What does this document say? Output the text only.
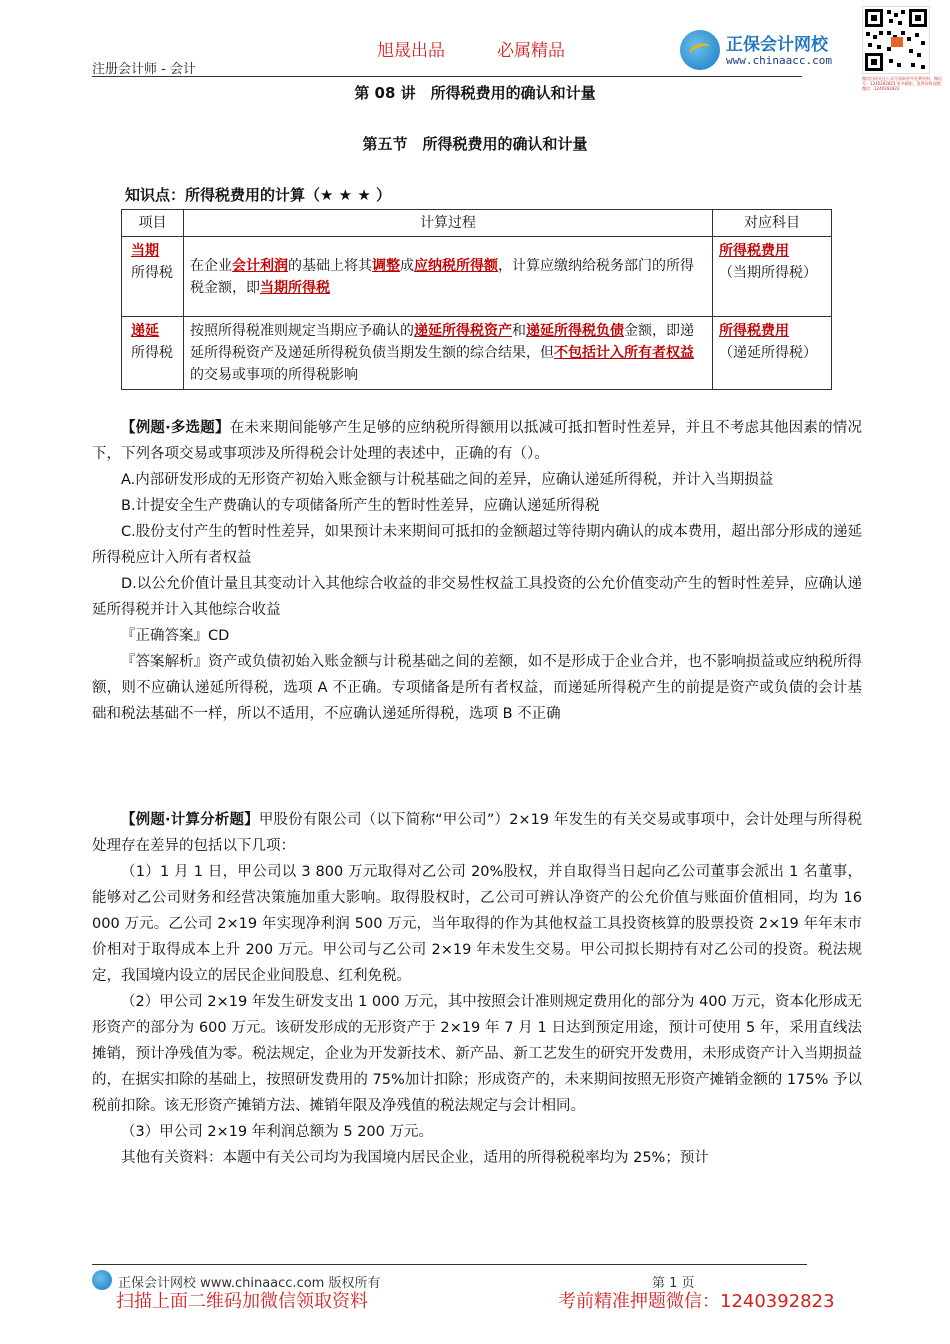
注册会计师 - 会计
旭晟出品	必属精品	正保会计网校
www.chinaacc.com
微信扫码关注公众号获取更多免费资料，微信号：1240392823 更多精彩，免费资料加我微信：1240392823
第 08 讲　所得税费用的确认和计量
第五节　所得税费用的确认和计量
知识点：所得税费用的计算（★ ★ ★ ）
项目	计算过程	对应科目
当期
所得税	在企业会计利润的基础上将其调整成应纳税所得额，计算应缴纳给税务部门的所得税金额，即当期所得税	所得税费用
（当期所得税）
递延
所得税	按照所得税准则规定当期应予确认的递延所得税资产和递延所得税负债金额，即递延所得税资产及递延所得税负债当期发生额的综合结果，但不包括计入所有者权益的交易或事项的所得税影响	所得税费用
（递延所得税）

【例题·多选题】在未来期间能够产生足够的应纳税所得额用以抵减可抵扣暂时性差异，并且不考虑其他因素的情况下，下列各项交易或事项涉及所得税会计处理的表述中，正确的有（）。

A.内部研发形成的无形资产初始入账金额与计税基础之间的差异，应确认递延所得税，并计入当期损益

B.计提安全生产费确认的专项储备所产生的暂时性差异，应确认递延所得税

C.股份支付产生的暂时性差异，如果预计未来期间可抵扣的金额超过等待期内确认的成本费用，超出部分形成的递延所得税应计入所有者权益

D.以公允价值计量且其变动计入其他综合收益的非交易性权益工具投资的公允价值变动产生的暂时性差异，应确认递延所得税并计入其他综合收益

『正确答案』CD

『答案解析』资产或负债初始入账金额与计税基础之间的差额，如不是形成于企业合并，也不影响损益或应纳税所得额，则不应确认递延所得税，选项 A 不正确。专项储备是所有者权益，而递延所得税产生的前提是资产或负债的会计基础和税法基础不一样，所以不适用，不应确认递延所得税，选项 B 不正确

【例题·计算分析题】甲股份有限公司（以下简称“甲公司”）2×19 年发生的有关交易或事项中，会计处理与所得税处理存在差异的包括以下几项：

（1）1 月 1 日，甲公司以 3 800 万元取得对乙公司 20%股权，并自取得当日起向乙公司董事会派出 1 名董事，能够对乙公司财务和经营决策施加重大影响。取得股权时，乙公司可辨认净资产的公允价值与账面价值相同，均为 16 000 万元。乙公司 2×19 年实现净利润 500 万元，当年取得的作为其他权益工具投资核算的股票投资 2×19 年年末市价相对于取得成本上升 200 万元。甲公司与乙公司 2×19 年未发生交易。甲公司拟长期持有对乙公司的投资。税法规定，我国境内设立的居民企业间股息、红利免税。

（2）甲公司 2×19 年发生研发支出 1 000 万元，其中按照会计准则规定费用化的部分为 400 万元，资本化形成无形资产的部分为 600 万元。该研发形成的无形资产于 2×19 年 7 月 1 日达到预定用途，预计可使用 5 年，采用直线法摊销，预计净残值为零。税法规定，企业为开发新技术、新产品、新工艺发生的研究开发费用，未形成资产计入当期损益的，在据实扣除的基础上，按照研发费用的 75%加计扣除；形成资产的，未来期间按照无形资产摊销金额的 175% 予以税前扣除。该无形资产摊销方法、摊销年限及净残值的税法规定与会计相同。

（3）甲公司 2×19 年利润总额为 5 200 万元。

其他有关资料：本题中有关公司均为我国境内居民企业，适用的所得税税率均为 25%；预计

正保会计网校 www.chinaacc.com 版权所有	第 1 页
扫描上面二维码加微信领取资料	考前精准押题微信：1240392823
